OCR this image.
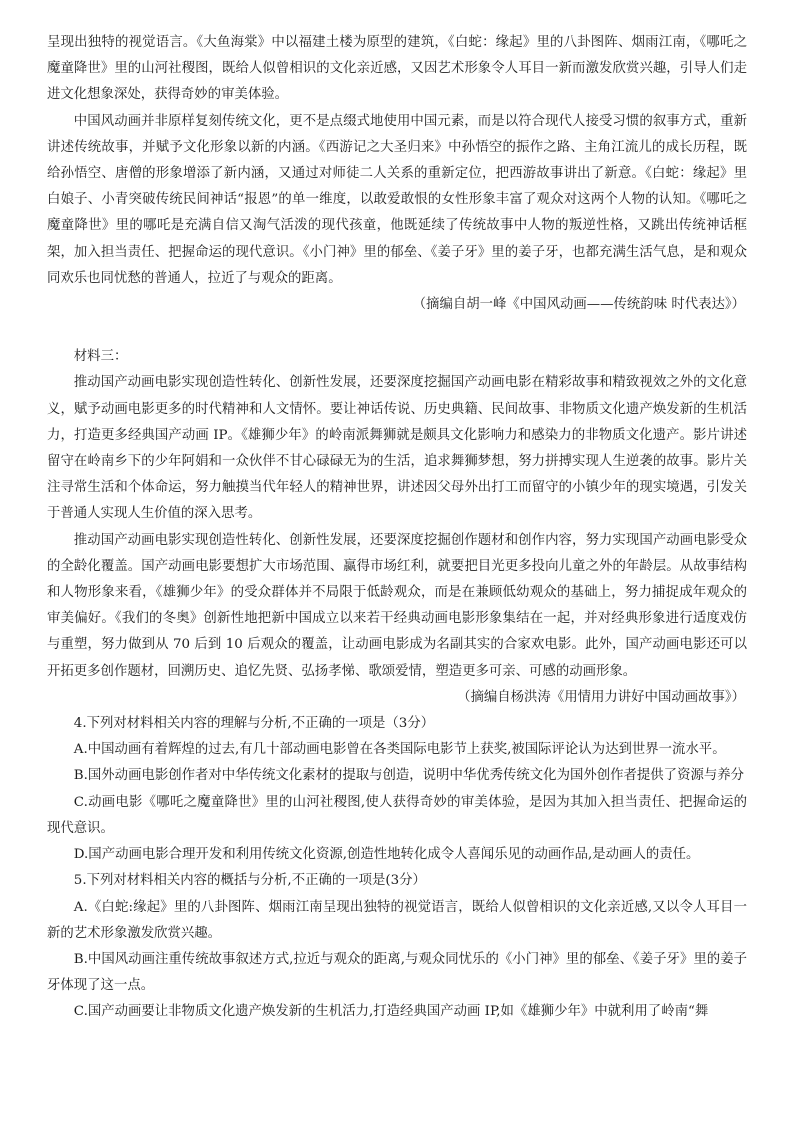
呈现出独特的视觉语言。《大鱼海棠》中以福建土楼为原型的建筑，《白蛇：缘起》里的八卦图阵、烟雨江南，《哪吒之魔童降世》里的山河社稷图，既给人似曾相识的文化亲近感，又因艺术形象令人耳目一新而激发欣赏兴趣，引导人们走进文化想象深处，获得奇妙的审美体验。

中国风动画并非原样复刻传统文化，更不是点缀式地使用中国元素，而是以符合现代人接受习惯的叙事方式，重新讲述传统故事，并赋予文化形象以新的内涵。《西游记之大圣归来》中孙悟空的振作之路、主角江流儿的成长历程，既给孙悟空、唐僧的形象增添了新内涵，又通过对师徒二人关系的重新定位，把西游故事讲出了新意。《白蛇：缘起》里白娘子、小青突破传统民间神话“报恩”的单一维度，以敢爱敢恨的女性形象丰富了观众对这两个人物的认知。《哪吒之魔童降世》里的哪吒是充满自信又淘气活泼的现代孩童，他既延续了传统故事中人物的叛逆性格，又跳出传统神话框架，加入担当责任、把握命运的现代意识。《小门神》里的郁垒、《姜子牙》里的姜子牙，也都充满生活气息，是和观众同欢乐也同忧愁的普通人，拉近了与观众的距离。

（摘编自胡一峰《中国风动画——传统韵味 时代表达》）

材料三：

推动国产动画电影实现创造性转化、创新性发展，还要深度挖掘国产动画电影在精彩故事和精致视效之外的文化意义，赋予动画电影更多的时代精神和人文情怀。要让神话传说、历史典籍、民间故事、非物质文化遗产焕发新的生机活力，打造更多经典国产动画 IP。《雄狮少年》的岭南派舞狮就是颇具文化影响力和感染力的非物质文化遗产。影片讲述留守在岭南乡下的少年阿娟和一众伙伴不甘心碌碌无为的生活，追求舞狮梦想，努力拼搏实现人生逆袭的故事。影片关注寻常生活和个体命运，努力触摸当代年轻人的精神世界，讲述因父母外出打工而留守的小镇少年的现实境遇，引发关于普通人实现人生价值的深入思考。

推动国产动画电影实现创造性转化、创新性发展，还要深度挖掘创作题材和创作内容，努力实现国产动画电影受众的全龄化覆盖。国产动画电影要想扩大市场范围、赢得市场红利，就要把目光更多投向儿童之外的年龄层。从故事结构和人物形象来看，《雄狮少年》的受众群体并不局限于低龄观众，而是在兼顾低幼观众的基础上，努力捕捉成年观众的审美偏好。《我们的冬奥》创新性地把新中国成立以来若干经典动画电影形象集结在一起，并对经典形象进行适度戏仿与重塑，努力做到从 70 后到 10 后观众的覆盖，让动画电影成为名副其实的合家欢电影。此外，国产动画电影还可以开拓更多创作题材，回溯历史、追忆先贤、弘扬孝悌、歌颂爱情，塑造更多可亲、可感的动画形象。

（摘编自杨洪涛《用情用力讲好中国动画故事》）

4.下列对材料相关内容的理解与分析,不正确的一项是（3分）

A.中国动画有着辉煌的过去,有几十部动画电影曾在各类国际电影节上获奖,被国际评论认为达到世界一流水平。

B.国外动画电影创作者对中华传统文化素材的提取与创造，说明中华优秀传统文化为国外创作者提供了资源与养分

C.动画电影《哪吒之魔童降世》里的山河社稷图,使人获得奇妙的审美体验，是因为其加入担当责任、把握命运的现代意识。

D.国产动画电影合理开发和利用传统文化资源,创造性地转化成令人喜闻乐见的动画作品,是动画人的责任。

5.下列对材料相关内容的概括与分析,不正确的一项是(3分）

A.《白蛇:缘起》里的八卦图阵、烟雨江南呈现出独特的视觉语言，既给人似曾相识的文化亲近感,又以令人耳目一新的艺术形象激发欣赏兴趣。

B.中国风动画注重传统故事叙述方式,拉近与观众的距离,与观众同忧乐的《小门神》里的郁垒、《姜子牙》里的姜子牙体现了这一点。

C.国产动画要让非物质文化遗产焕发新的生机活力,打造经典国产动画 IP,如《雄狮少年》中就利用了岭南“舞
